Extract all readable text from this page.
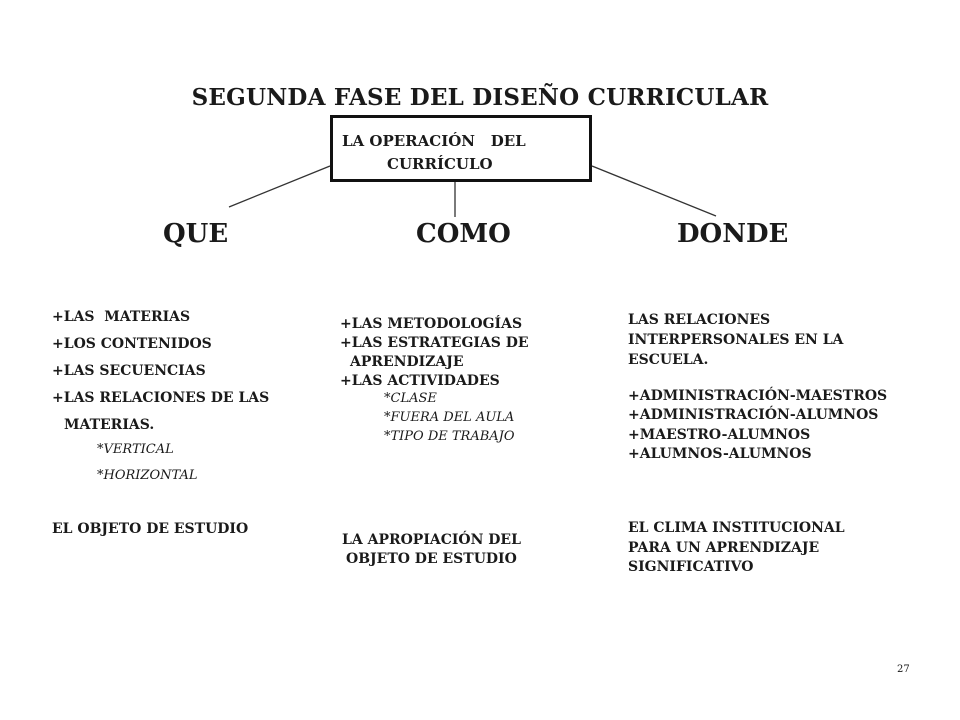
SEGUNDA FASE DEL DISEÑO CURRICULAR
LA OPERACIÓN   DEL
CURRÍCULO
QUE	COMO	DONDE
+LAS  MATERIAS
+LOS CONTENIDOS
+LAS SECUENCIAS
+LAS RELACIONES DE LAS
MATERIAS.
*VERTICAL
*HORIZONTAL
EL OBJETO DE ESTUDIO
+LAS METODOLOGÍAS
+LAS ESTRATEGIAS DE
APRENDIZAJE
+LAS ACTIVIDADES
*CLASE
*FUERA DEL AULA
*TIPO DE TRABAJO
LA APROPIACIÓN DEL
OBJETO DE ESTUDIO
LAS RELACIONES
INTERPERSONALES EN LA
ESCUELA.
+ADMINISTRACIÓN-MAESTROS
+ADMINISTRACIÓN-ALUMNOS
+MAESTRO-ALUMNOS
+ALUMNOS-ALUMNOS
EL CLIMA INSTITUCIONAL
PARA UN APRENDIZAJE
SIGNIFICATIVO
27
